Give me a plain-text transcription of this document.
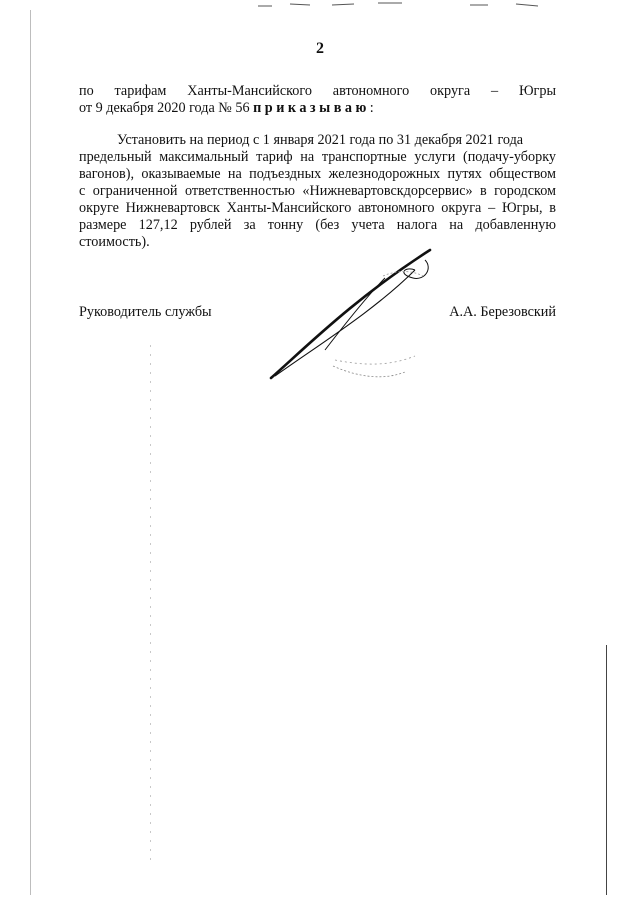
2
по тарифам Ханты-Мансийского автономного округа – Югры
от 9 декабря 2020 года № 56 приказываю:
Установить на период с 1 января 2021 года по 31 декабря 2021 года
предельный максимальный тариф на транспортные услуги (подачу-уборку
вагонов), оказываемые на подъездных железнодорожных путях обществом
с ограниченной ответственностью «Нижневартовскдорсервис» в городском
округе Нижневартовск Ханты-Мансийского автономного округа – Югры, в
размере 127,12 рублей за тонну (без учета налога на добавленную
стоимость).
Руководитель службы	А.А. Березовский
